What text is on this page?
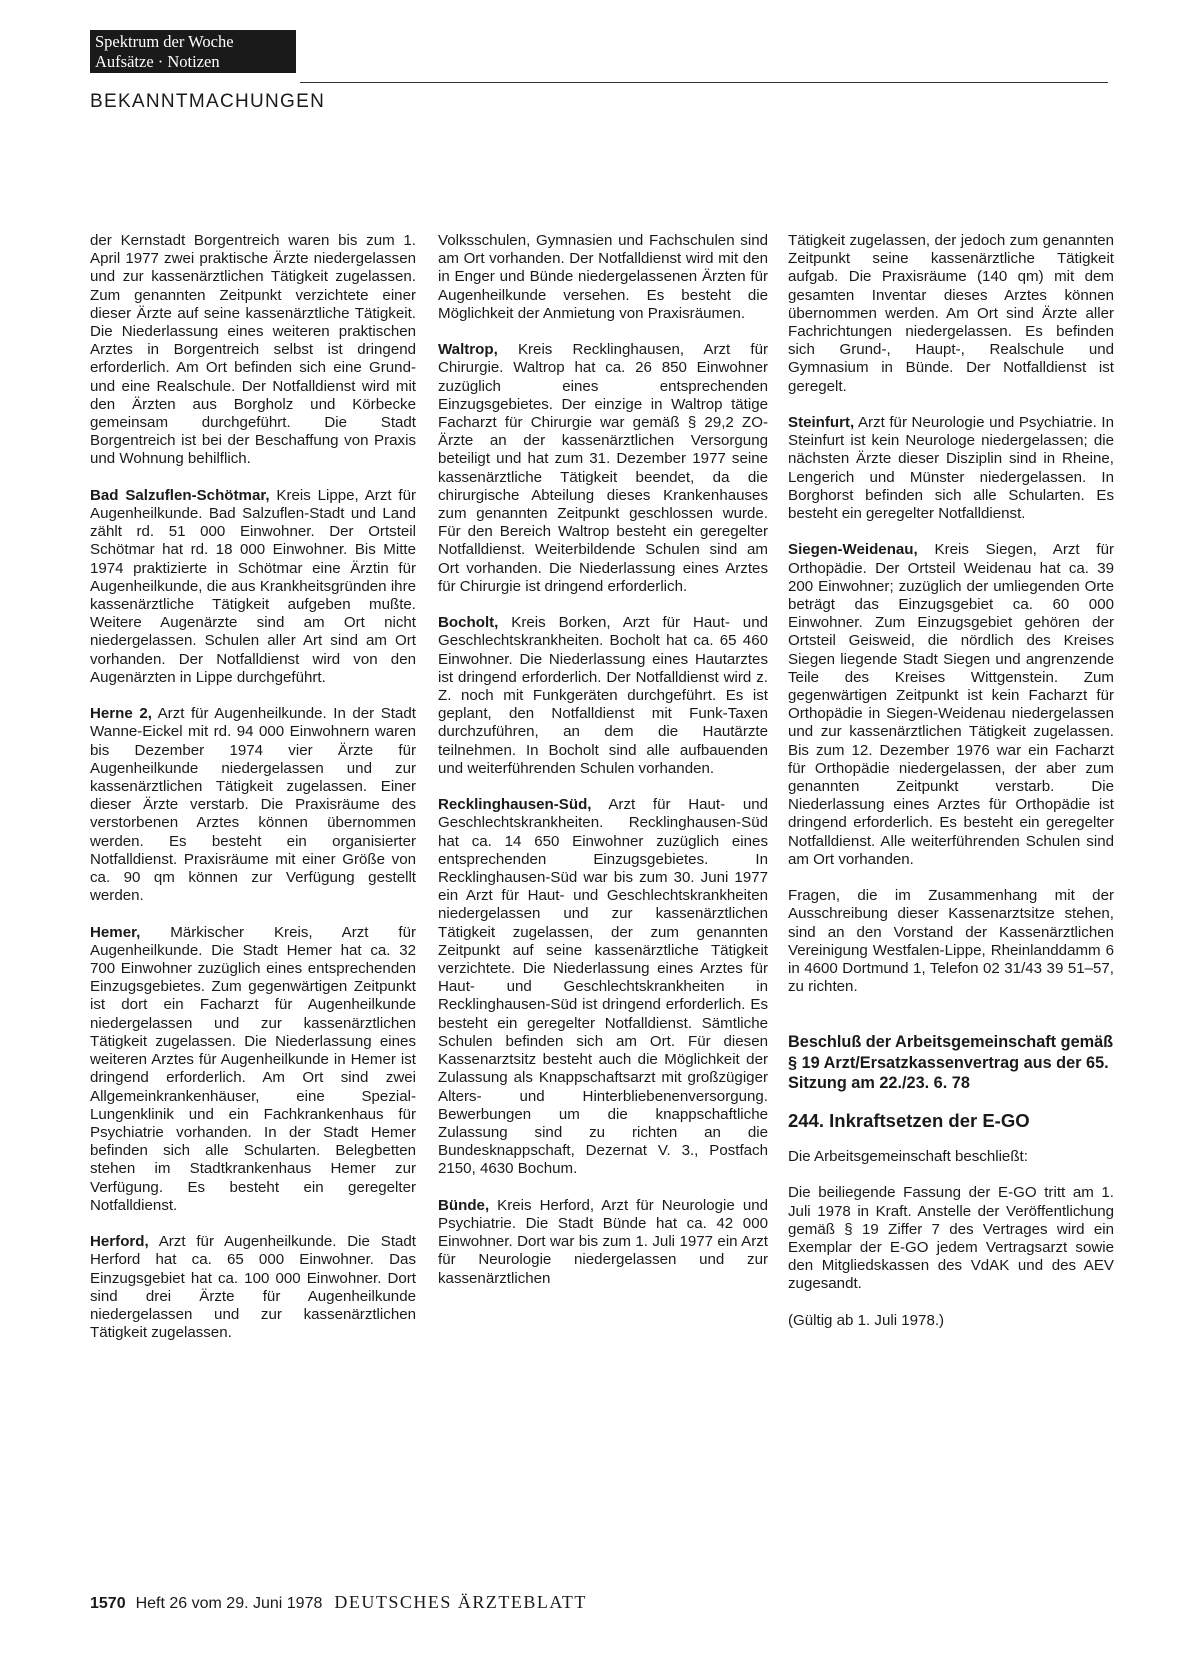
Spektrum der Woche
Aufsätze · Notizen
BEKANNTMACHUNGEN

der Kernstadt Borgentreich waren bis zum 1. April 1977 zwei praktische Ärzte niedergelassen und zur kassenärztlichen Tätigkeit zugelassen. Zum genannten Zeitpunkt verzichtete einer dieser Ärzte auf seine kassenärztliche Tätigkeit. Die Niederlassung eines weiteren praktischen Arztes in Borgentreich selbst ist dringend erforderlich. Am Ort befinden sich eine Grund- und eine Realschule. Der Notfalldienst wird mit den Ärzten aus Borgholz und Körbecke gemeinsam durchgeführt. Die Stadt Borgentreich ist bei der Beschaffung von Praxis und Wohnung behilflich.

Bad Salzuflen-Schötmar, Kreis Lippe, Arzt für Augenheilkunde. Bad Salzuflen-Stadt und Land zählt rd. 51 000 Einwohner. Der Ortsteil Schötmar hat rd. 18 000 Einwohner. Bis Mitte 1974 praktizierte in Schötmar eine Ärztin für Augenheilkunde, die aus Krankheitsgründen ihre kassenärztliche Tätigkeit aufgeben mußte. Weitere Augenärzte sind am Ort nicht niedergelassen. Schulen aller Art sind am Ort vorhanden. Der Notfalldienst wird von den Augenärzten in Lippe durchgeführt.

Herne 2, Arzt für Augenheilkunde. In der Stadt Wanne-Eickel mit rd. 94 000 Einwohnern waren bis Dezember 1974 vier Ärzte für Augenheilkunde niedergelassen und zur kassenärztlichen Tätigkeit zugelassen. Einer dieser Ärzte verstarb. Die Praxisräume des verstorbenen Arztes können übernommen werden. Es besteht ein organisierter Notfalldienst. Praxisräume mit einer Größe von ca. 90 qm können zur Verfügung gestellt werden.

Hemer, Märkischer Kreis, Arzt für Augenheilkunde. Die Stadt Hemer hat ca. 32 700 Einwohner zuzüglich eines entsprechenden Einzugsgebietes. Zum gegenwärtigen Zeitpunkt ist dort ein Facharzt für Augenheilkunde niedergelassen und zur kassenärztlichen Tätigkeit zugelassen. Die Niederlassung eines weiteren Arztes für Augenheilkunde in Hemer ist dringend erforderlich. Am Ort sind zwei Allgemeinkrankenhäuser, eine Spezial-Lungenklinik und ein Fachkrankenhaus für Psychiatrie vorhanden. In der Stadt Hemer befinden sich alle Schularten. Belegbetten stehen im Stadtkrankenhaus Hemer zur Verfügung. Es besteht ein geregelter Notfalldienst.

Herford, Arzt für Augenheilkunde. Die Stadt Herford hat ca. 65 000 Einwohner. Das Einzugsgebiet hat ca. 100 000 Einwohner. Dort sind drei Ärzte für Augenheilkunde niedergelassen und zur kassenärztlichen Tätigkeit zugelassen.

Volksschulen, Gymnasien und Fachschulen sind am Ort vorhanden. Der Notfalldienst wird mit den in Enger und Bünde niedergelassenen Ärzten für Augenheilkunde versehen. Es besteht die Möglichkeit der Anmietung von Praxisräumen.

Waltrop, Kreis Recklinghausen, Arzt für Chirurgie. Waltrop hat ca. 26 850 Einwohner zuzüglich eines entsprechenden Einzugsgebietes. Der einzige in Waltrop tätige Facharzt für Chirurgie war gemäß § 29,2 ZO-Ärzte an der kassenärztlichen Versorgung beteiligt und hat zum 31. Dezember 1977 seine kassenärztliche Tätigkeit beendet, da die chirurgische Abteilung dieses Krankenhauses zum genannten Zeitpunkt geschlossen wurde. Für den Bereich Waltrop besteht ein geregelter Notfalldienst. Weiterbildende Schulen sind am Ort vorhanden. Die Niederlassung eines Arztes für Chirurgie ist dringend erforderlich.

Bocholt, Kreis Borken, Arzt für Haut- und Geschlechtskrankheiten. Bocholt hat ca. 65 460 Einwohner. Die Niederlassung eines Hautarztes ist dringend erforderlich. Der Notfalldienst wird z. Z. noch mit Funkgeräten durchgeführt. Es ist geplant, den Notfalldienst mit Funk-Taxen durchzuführen, an dem die Hautärzte teilnehmen. In Bocholt sind alle aufbauenden und weiterführenden Schulen vorhanden.

Recklinghausen-Süd, Arzt für Haut- und Geschlechtskrankheiten. Recklinghausen-Süd hat ca. 14 650 Einwohner zuzüglich eines entsprechenden Einzugsgebietes. In Recklinghausen-Süd war bis zum 30. Juni 1977 ein Arzt für Haut- und Geschlechtskrankheiten niedergelassen und zur kassenärztlichen Tätigkeit zugelassen, der zum genannten Zeitpunkt auf seine kassenärztliche Tätigkeit verzichtete. Die Niederlassung eines Arztes für Haut- und Geschlechtskrankheiten in Recklinghausen-Süd ist dringend erforderlich. Es besteht ein geregelter Notfalldienst. Sämtliche Schulen befinden sich am Ort. Für diesen Kassenarztsitz besteht auch die Möglichkeit der Zulassung als Knappschaftsarzt mit großzügiger Alters- und Hinterbliebenenversorgung. Bewerbungen um die knappschaftliche Zulassung sind zu richten an die Bundesknappschaft, Dezernat V. 3., Postfach 2150, 4630 Bochum.

Bünde, Kreis Herford, Arzt für Neurologie und Psychiatrie. Die Stadt Bünde hat ca. 42 000 Einwohner. Dort war bis zum 1. Juli 1977 ein Arzt für Neurologie niedergelassen und zur kassenärztlichen

Tätigkeit zugelassen, der jedoch zum genannten Zeitpunkt seine kassenärztliche Tätigkeit aufgab. Die Praxisräume (140 qm) mit dem gesamten Inventar dieses Arztes können übernommen werden. Am Ort sind Ärzte aller Fachrichtungen niedergelassen. Es befinden sich Grund-, Haupt-, Realschule und Gymnasium in Bünde. Der Notfalldienst ist geregelt.

Steinfurt, Arzt für Neurologie und Psychiatrie. In Steinfurt ist kein Neurologe niedergelassen; die nächsten Ärzte dieser Disziplin sind in Rheine, Lengerich und Münster niedergelassen. In Borghorst befinden sich alle Schularten. Es besteht ein geregelter Notfalldienst.

Siegen-Weidenau, Kreis Siegen, Arzt für Orthopädie. Der Ortsteil Weidenau hat ca. 39 200 Einwohner; zuzüglich der umliegenden Orte beträgt das Einzugsgebiet ca. 60 000 Einwohner. Zum Einzugsgebiet gehören der Ortsteil Geisweid, die nördlich des Kreises Siegen liegende Stadt Siegen und angrenzende Teile des Kreises Wittgenstein. Zum gegenwärtigen Zeitpunkt ist kein Facharzt für Orthopädie in Siegen-Weidenau niedergelassen und zur kassenärztlichen Tätigkeit zugelassen. Bis zum 12. Dezember 1976 war ein Facharzt für Orthopädie niedergelassen, der aber zum genannten Zeitpunkt verstarb. Die Niederlassung eines Arztes für Orthopädie ist dringend erforderlich. Es besteht ein geregelter Notfalldienst. Alle weiterführenden Schulen sind am Ort vorhanden.

Fragen, die im Zusammenhang mit der Ausschreibung dieser Kassenarztsitze stehen, sind an den Vorstand der Kassenärztlichen Vereinigung Westfalen-Lippe, Rheinlanddamm 6 in 4600 Dortmund 1, Telefon 02 31/43 39 51–57, zu richten.

Beschluß der Arbeitsgemeinschaft gemäß § 19 Arzt/Ersatzkassenvertrag aus der 65. Sitzung am 22./23. 6. 78

244. Inkraftsetzen der E-GO

Die Arbeitsgemeinschaft beschließt:

Die beiliegende Fassung der E-GO tritt am 1. Juli 1978 in Kraft. Anstelle der Veröffentlichung gemäß § 19 Ziffer 7 des Vertrages wird ein Exemplar der E-GO jedem Vertragsarzt sowie den Mitgliedskassen des VdAK und des AEV zugesandt.

(Gültig ab 1. Juli 1978.)

1570 Heft 26 vom 29. Juni 1978 DEUTSCHES ÄRZTEBLATT
